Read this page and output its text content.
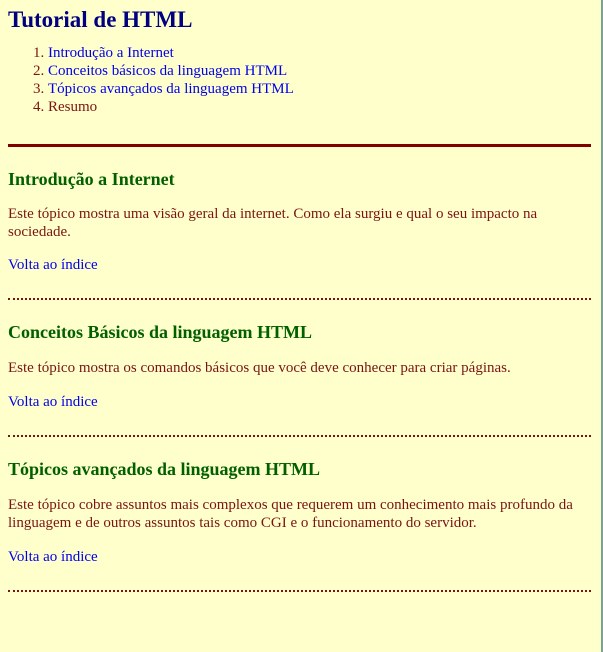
Tutorial de HTML
1. Introdução a Internet
2. Conceitos básicos da linguagem HTML
3. Tópicos avançados da linguagem HTML
4. Resumo
Introdução a Internet

Este tópico mostra uma visão geral da internet. Como ela surgiu e qual o seu impacto na sociedade.

Volta ao índice

Conceitos Básicos da linguagem HTML

Este tópico mostra os comandos básicos que você deve conhecer para criar páginas.

Volta ao índice

Tópicos avançados da linguagem HTML

Este tópico cobre assuntos mais complexos que requerem um conhecimento mais profundo da linguagem e de outros assuntos tais como CGI e o funcionamento do servidor.

Volta ao índice
